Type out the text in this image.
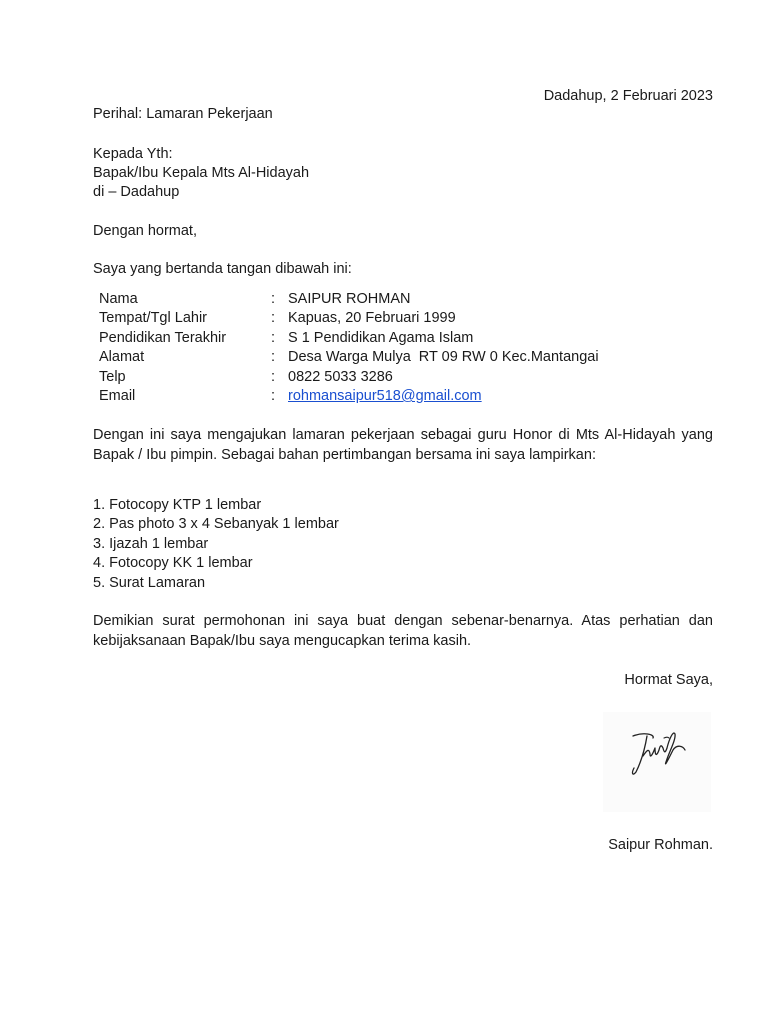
Dadahup, 2 Februari 2023
Perihal: Lamaran Pekerjaan
Kepada Yth:
Bapak/Ibu Kepala Mts Al-Hidayah
di – Dadahup
Dengan hormat,
Saya yang bertanda tangan dibawah ini:
Nama	:	SAIPUR ROHMAN
Tempat/Tgl Lahir	:	Kapuas, 20 Februari 1999
Pendidikan Terakhir	:	S 1 Pendidikan Agama Islam
Alamat	:	Desa Warga Mulya  RT 09 RW 0 Kec.Mantangai
Telp	:	0822 5033 3286
Email	:	rohmansaipur518@gmail.com
Dengan ini saya mengajukan lamaran pekerjaan sebagai guru Honor di Mts Al-Hidayah yang Bapak / Ibu pimpin. Sebagai bahan pertimbangan bersama ini saya lampirkan:
1. Fotocopy KTP 1 lembar
2. Pas photo 3 x 4 Sebanyak 1 lembar
3. Ijazah 1 lembar
4. Fotocopy KK 1 lembar
5. Surat Lamaran
Demikian surat permohonan ini saya buat dengan sebenar-benarnya. Atas perhatian dan kebijaksanaan Bapak/Ibu saya mengucapkan terima kasih.
Hormat Saya,
Saipur Rohman.
